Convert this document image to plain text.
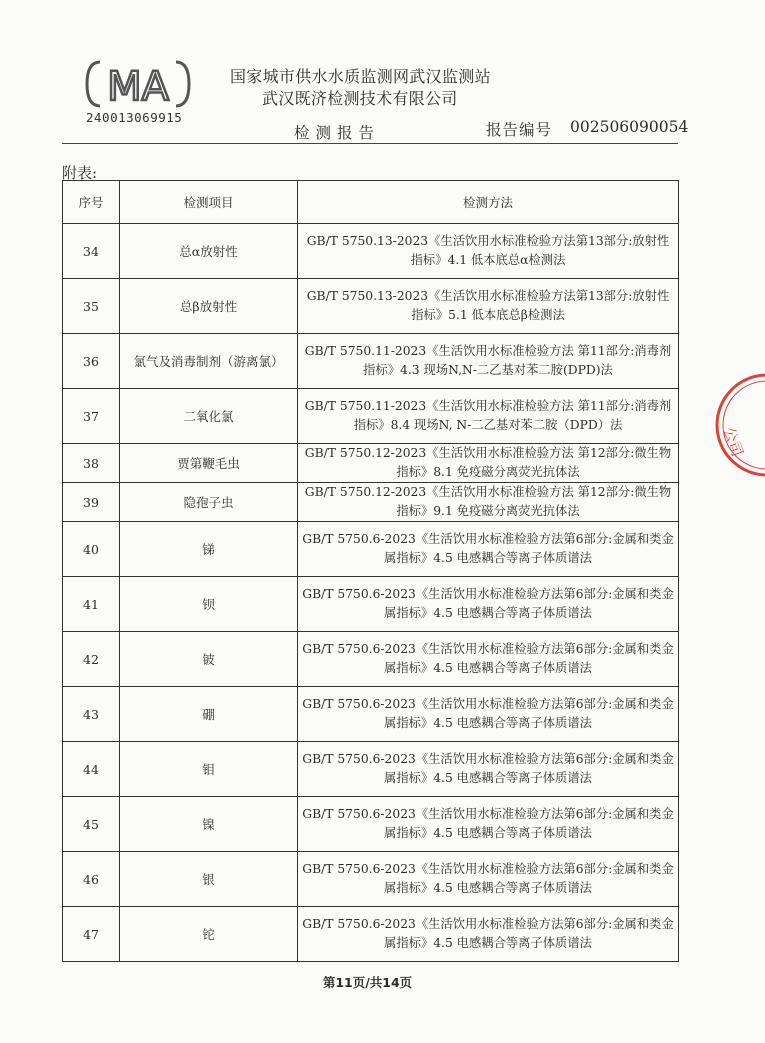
MA
240013069915
国家城市供水水质监测网武汉监测站
武汉既济检测技术有限公司
检测报告	报告编号 002506090054
附表:
序号	检测项目	检测方法
34	总α放射性	GB/T 5750.13-2023《生活饮用水标准检验方法第13部分:放射性指标》4.1 低本底总α检测法
35	总β放射性	GB/T 5750.13-2023《生活饮用水标准检验方法第13部分:放射性指标》5.1 低本底总β检测法
36	氯气及消毒制剂（游离氯）	GB/T 5750.11-2023《生活饮用水标准检验方法 第11部分:消毒剂指标》4.3 现场N,N-二乙基对苯二胺(DPD)法
37	二氧化氯	GB/T 5750.11-2023《生活饮用水标准检验方法 第11部分:消毒剂指标》8.4 现场N, N-二乙基对苯二胺（DPD）法
38	贾第鞭毛虫	GB/T 5750.12-2023《生活饮用水标准检验方法 第12部分:微生物指标》8.1 免疫磁分离荧光抗体法
39	隐孢子虫	GB/T 5750.12-2023《生活饮用水标准检验方法 第12部分:微生物指标》9.1 免疫磁分离荧光抗体法
40	锑	GB/T 5750.6-2023《生活饮用水标准检验方法第6部分:金属和类金属指标》4.5 电感耦合等离子体质谱法
41	钡	GB/T 5750.6-2023《生活饮用水标准检验方法第6部分:金属和类金属指标》4.5 电感耦合等离子体质谱法
42	铍	GB/T 5750.6-2023《生活饮用水标准检验方法第6部分:金属和类金属指标》4.5 电感耦合等离子体质谱法
43	硼	GB/T 5750.6-2023《生活饮用水标准检验方法第6部分:金属和类金属指标》4.5 电感耦合等离子体质谱法
44	钼	GB/T 5750.6-2023《生活饮用水标准检验方法第6部分:金属和类金属指标》4.5 电感耦合等离子体质谱法
45	镍	GB/T 5750.6-2023《生活饮用水标准检验方法第6部分:金属和类金属指标》4.5 电感耦合等离子体质谱法
46	银	GB/T 5750.6-2023《生活饮用水标准检验方法第6部分:金属和类金属指标》4.5 电感耦合等离子体质谱法
47	铊	GB/T 5750.6-2023《生活饮用水标准检验方法第6部分:金属和类金属指标》4.5 电感耦合等离子体质谱法
公司
第11页/共14页
